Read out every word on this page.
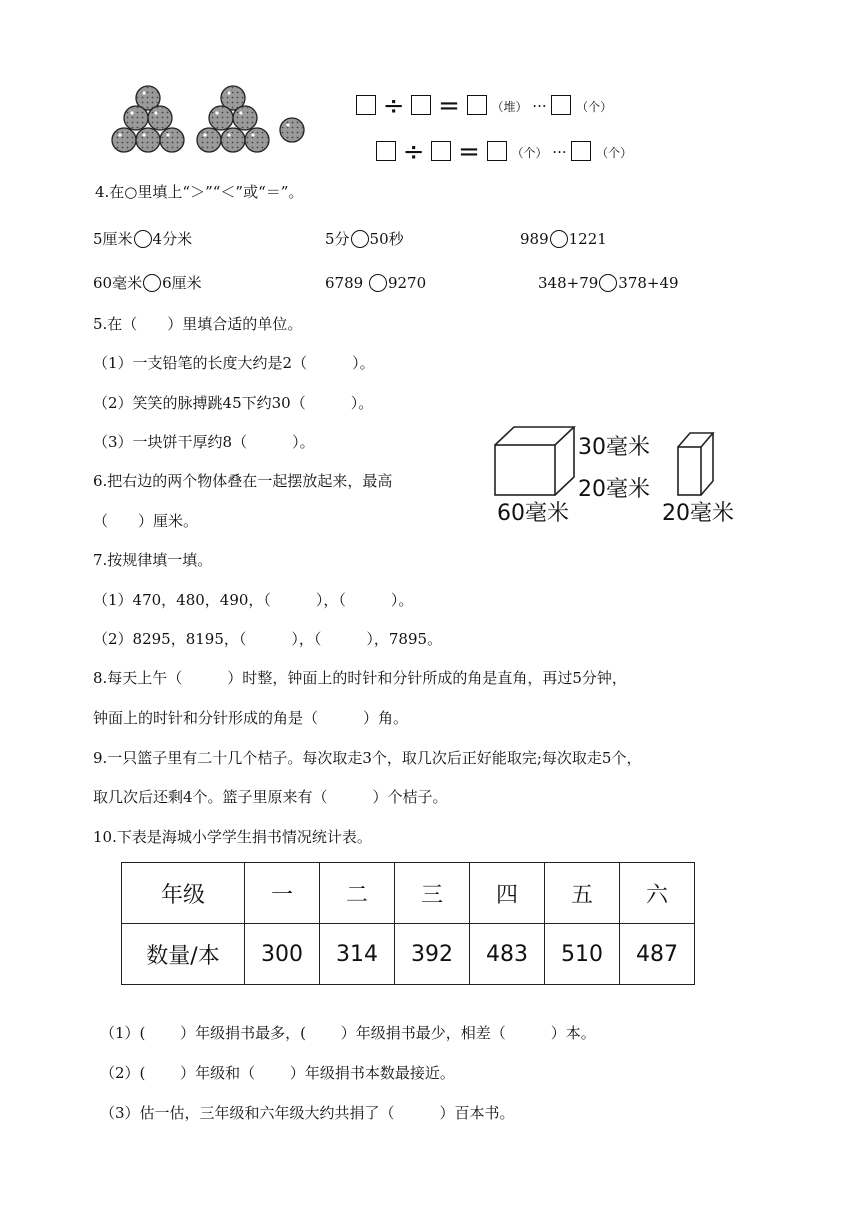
÷ =	（堆） ··· （个）
÷ =	（个） ··· （个）
4.在○里填上“＞”“＜”或“＝”。
5厘米 4分米	5分 50秒	989 1221
60毫米 6厘米	6789 9270	348+79 378+49
5.在（　　）里填合适的单位。
（1）一支铅笔的长度大约是2（　　　）。
（2）笑笑的脉搏跳45下约30（　　　）。
（3）一块饼干厚约8（　　　）。
6.把右边的两个物体叠在一起摆放起来，最高
（　　）厘米。
30毫米
20毫米
60毫米	20毫米
7.按规律填一填。
（1）470，480，490，（　　　），（　　　）。
（2）8295，8195，（　　　），（　　　），7895。
8.每天上午（　　　）时整，钟面上的时针和分针所成的角是直角，再过5分钟，
钟面上的时针和分针形成的角是（　　　）角。
9.一只篮子里有二十几个桔子。每次取走3个，取几次后正好能取完;每次取走5个，
取几次后还剩4个。篮子里原来有（　　　）个桔子。
10.下表是海城小学学生捐书情况统计表。
年级	一	二	三	四	五	六
数量/本	300	314	392	483	510	487
（1）(　　 ）年级捐书最多，(　　 ）年级捐书最少，相差（　　　）本。
（2）(　　 ）年级和（　　 ）年级捐书本数最接近。
（3）估一估，三年级和六年级大约共捐了（　　　）百本书。
